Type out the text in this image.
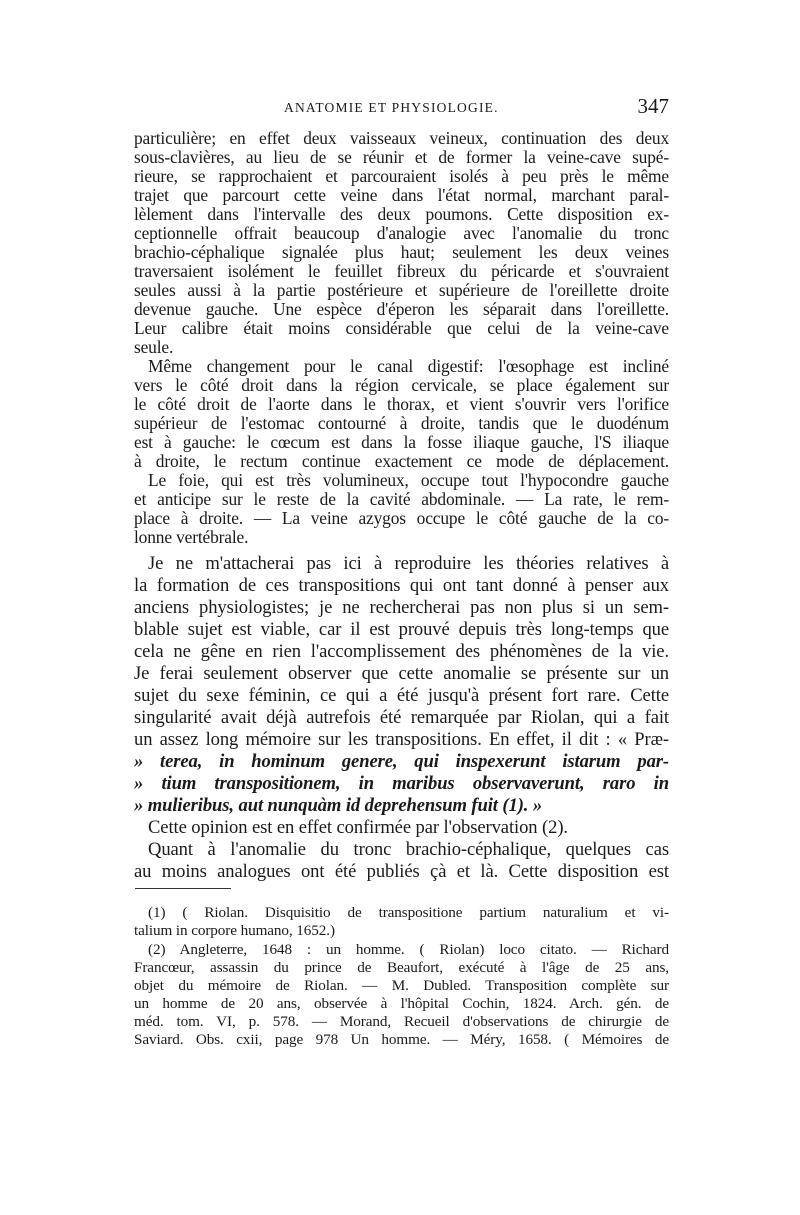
ANATOMIE ET PHYSIOLOGIE.	347
particulière; en effet deux vaisseaux veineux, continuation des deux
sous-clavières, au lieu de se réunir et de former la veine-cave supé-
rieure, se rapprochaient et parcouraient isolés à peu près le même
trajet que parcourt cette veine dans l'état normal, marchant paral-
lèlement dans l'intervalle des deux poumons. Cette disposition ex-
ceptionnelle offrait beaucoup d'analogie avec l'anomalie du tronc
brachio-céphalique signalée plus haut; seulement les deux veines
traversaient isolément le feuillet fibreux du péricarde et s'ouvraient
seules aussi à la partie postérieure et supérieure de l'oreillette droite
devenue gauche. Une espèce d'éperon les séparait dans l'oreillette.
Leur calibre était moins considérable que celui de la veine-cave
seule.
Même changement pour le canal digestif: l'œsophage est incliné
vers le côté droit dans la région cervicale, se place également sur
le côté droit de l'aorte dans le thorax, et vient s'ouvrir vers l'orifice
supérieur de l'estomac contourné à droite, tandis que le duodénum
est à gauche: le cœcum est dans la fosse iliaque gauche, l'S iliaque
à droite, le rectum continue exactement ce mode de déplacement.
Le foie, qui est très volumineux, occupe tout l'hypocondre gauche
et anticipe sur le reste de la cavité abdominale. — La rate, le rem-
place à droite. — La veine azygos occupe le côté gauche de la co-
lonne vertébrale.
Je ne m'attacherai pas ici à reproduire les théories relatives à
la formation de ces transpositions qui ont tant donné à penser aux
anciens physiologistes; je ne rechercherai pas non plus si un sem-
blable sujet est viable, car il est prouvé depuis très long-temps que
cela ne gêne en rien l'accomplissement des phénomènes de la vie.
Je ferai seulement observer que cette anomalie se présente sur un
sujet du sexe féminin, ce qui a été jusqu'à présent fort rare. Cette
singularité avait déjà autrefois été remarquée par Riolan, qui a fait
un assez long mémoire sur les transpositions. En effet, il dit : « Præ-
» terea, in hominum genere, qui inspexerunt istarum par-
» tium transpositionem, in maribus observaverunt, raro in
» mulieribus, aut nunquàm id deprehensum fuit (1). »
Cette opinion est en effet confirmée par l'observation (2).
Quant à l'anomalie du tronc brachio-céphalique, quelques cas
au moins analogues ont été publiés çà et là. Cette disposition est
(1) ( Riolan. Disquisitio de transpositione partium naturalium et vi-
talium in corpore humano, 1652.)
(2) Angleterre, 1648 : un homme. ( Riolan) loco citato. — Richard
Francœur, assassin du prince de Beaufort, exécuté à l'âge de 25 ans,
objet du mémoire de Riolan. — M. Dubled. Transposition complète sur
un homme de 20 ans, observée à l'hôpital Cochin, 1824. Arch. gén. de
méd. tom. VI, p. 578. — Morand, Recueil d'observations de chirurgie de
Saviard. Obs. cxii, page 978 Un homme. — Méry, 1658. ( Mémoires de
